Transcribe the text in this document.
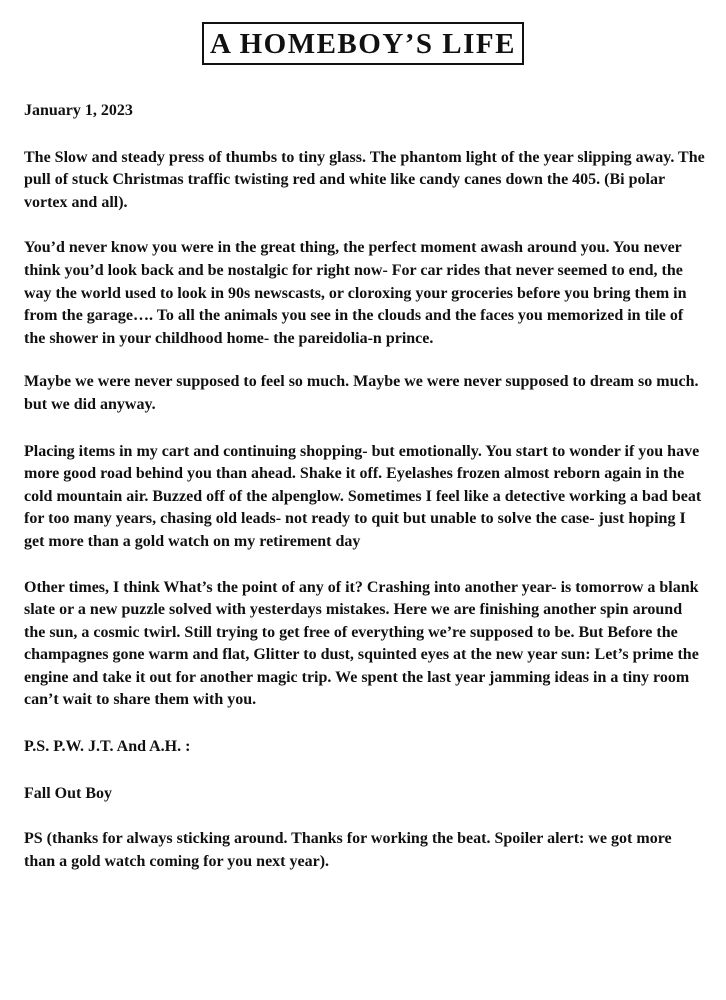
A HOMEBOY’S LIFE

January 1, 2023

The Slow and steady press of thumbs to tiny glass. The phantom light of the year slipping away. The pull of stuck Christmas traffic twisting red and white like candy canes down the 405. (Bi polar vortex and all).

You’d never know you were in the great thing, the perfect moment awash around you. You never think you’d look back and be nostalgic for right now- For car rides that never seemed to end, the way the world used to look in 90s newscasts, or cloroxing your groceries before you bring them in from the garage…. To all the animals you see in the clouds and the faces you memorized in tile of the shower in your childhood home- the pareidolia-n prince.

Maybe we were never supposed to feel so much. Maybe we were never supposed to dream so much. but we did anyway.

Placing items in my cart and continuing shopping- but emotionally. You start to wonder if you have more good road behind you than ahead. Shake it off. Eyelashes frozen almost reborn again in the cold mountain air. Buzzed off of the alpenglow. Sometimes I feel like a detective working a bad beat for too many years, chasing old leads- not ready to quit but unable to solve the case- just hoping I get more than a gold watch on my retirement day

Other times, I think What’s the point of any of it? Crashing into another year- is tomorrow a blank slate or a new puzzle solved with yesterdays mistakes. Here we are finishing another spin around the sun, a cosmic twirl. Still trying to get free of everything we’re supposed to be. But Before the champagnes gone warm and flat, Glitter to dust, squinted eyes at the new year sun: Let’s prime the engine and take it out for another magic trip. We spent the last year jamming ideas in a tiny room can’t wait to share them with you.

P.S. P.W. J.T. And A.H. :

Fall Out Boy

PS (thanks for always sticking around. Thanks for working the beat. Spoiler alert: we got more than a gold watch coming for you next year).
